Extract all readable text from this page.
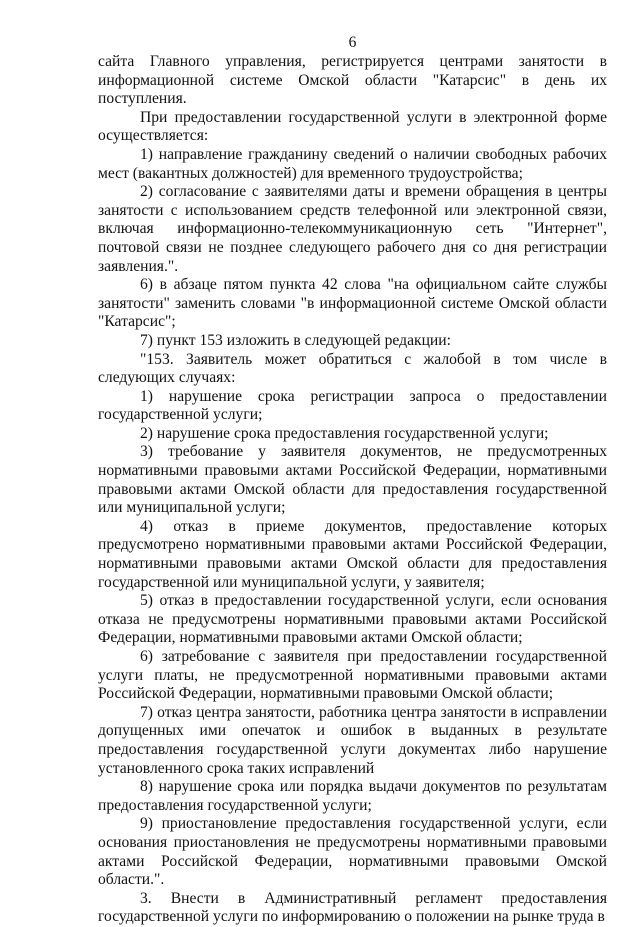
6

сайта Главного управления, регистрируется центрами занятости в информационной системе Омской области "Катарсис" в день их поступления.

При предоставлении государственной услуги в электронной форме осуществляется:

1) направление гражданину сведений о наличии свободных рабочих мест (вакантных должностей) для временного трудоустройства;

2) согласование с заявителями даты и времени обращения в центры занятости с использованием средств телефонной или электронной связи, включая информационно-телекоммуникационную сеть "Интернет", почтовой связи не позднее следующего рабочего дня со дня регистрации заявления.".

6) в абзаце пятом пункта 42 слова "на официальном сайте службы занятости" заменить словами "в информационной системе Омской области "Катарсис";

7) пункт 153 изложить в следующей редакции:

"153. Заявитель может обратиться с жалобой в том числе в следующих случаях:

1) нарушение срока регистрации запроса о предоставлении государственной услуги;

2) нарушение срока предоставления государственной услуги;

3) требование у заявителя документов, не предусмотренных нормативными правовыми актами Российской Федерации, нормативными правовыми актами Омской области для предоставления государственной или муниципальной услуги;

4) отказ в приеме документов, предоставление которых предусмотрено нормативными правовыми актами Российской Федерации, нормативными правовыми актами Омской области для предоставления государственной или муниципальной услуги, у заявителя;

5) отказ в предоставлении государственной услуги, если основания отказа не предусмотрены нормативными правовыми актами Российской Федерации, нормативными правовыми актами Омской области;

6) затребование с заявителя при предоставлении государственной услуги платы, не предусмотренной нормативными правовыми актами Российской Федерации, нормативными правовыми Омской области;

7) отказ центра занятости, работника центра занятости в исправлении допущенных ими опечаток и ошибок в выданных в результате предоставления государственной услуги документах либо нарушение установленного срока таких исправлений

8) нарушение срока или порядка выдачи документов по результатам предоставления государственной услуги;

9) приостановление предоставления государственной услуги, если основания приостановления не предусмотрены нормативными правовыми актами Российской Федерации, нормативными правовыми Омской области.".

3. Внести в Административный регламент предоставления государственной услуги по информированию о положении на рынке труда в
